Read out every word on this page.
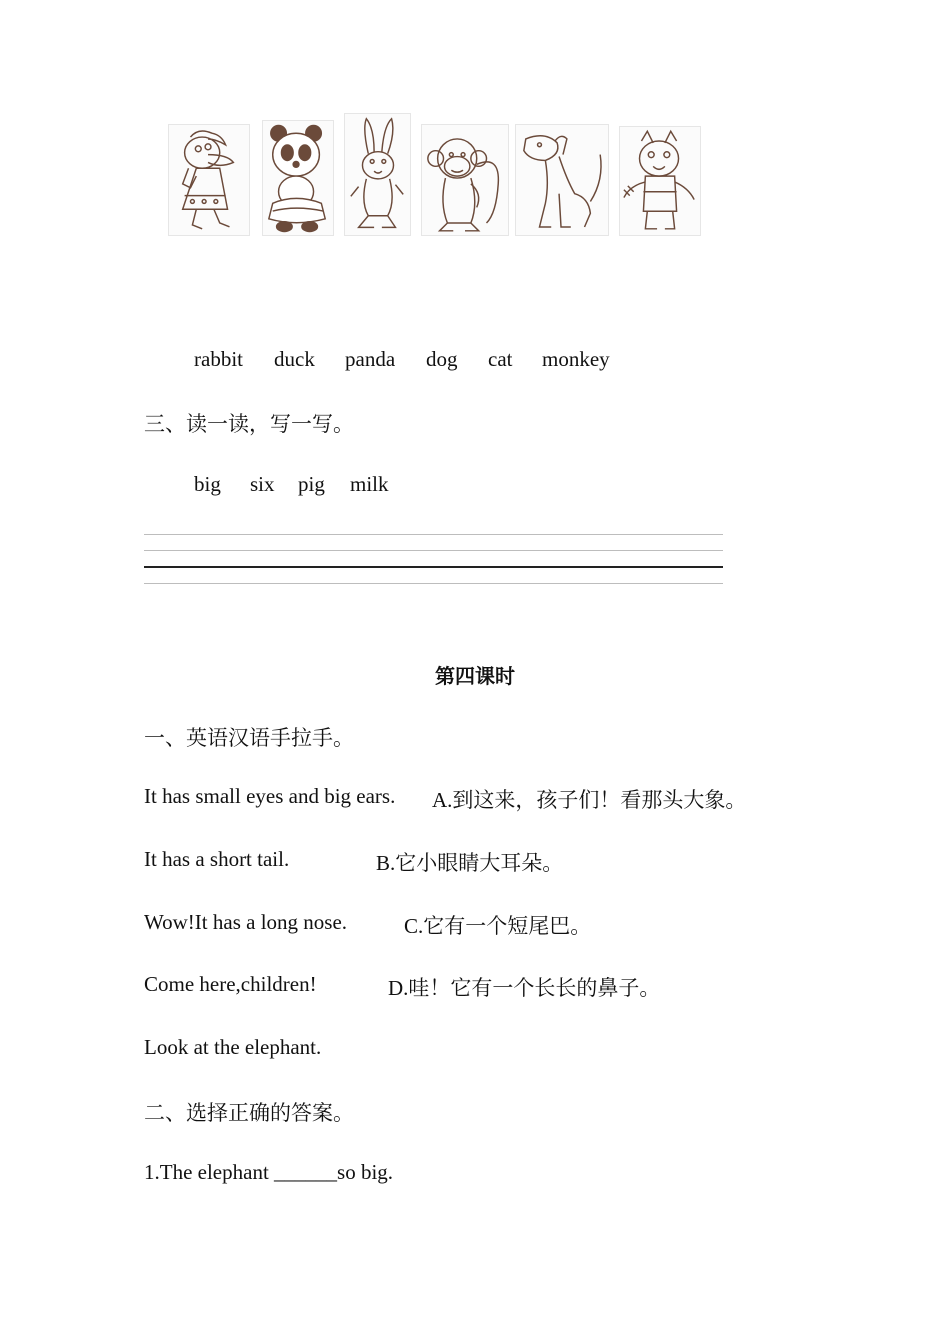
rabbit duck panda dog cat monkey
三、读一读，写一写。
big six pig milk
第四课时
一、英语汉语手拉手。
It has small eyes and big ears. A.到这来，孩子们！看那头大象。
It has a short tail.	B.它小眼睛大耳朵。
Wow!It has a long nose.	C.它有一个短尾巴。
Come here,children!	D.哇！它有一个长长的鼻子。
Look at the elephant.
二、选择正确的答案。
1.The elephant ______so big.
